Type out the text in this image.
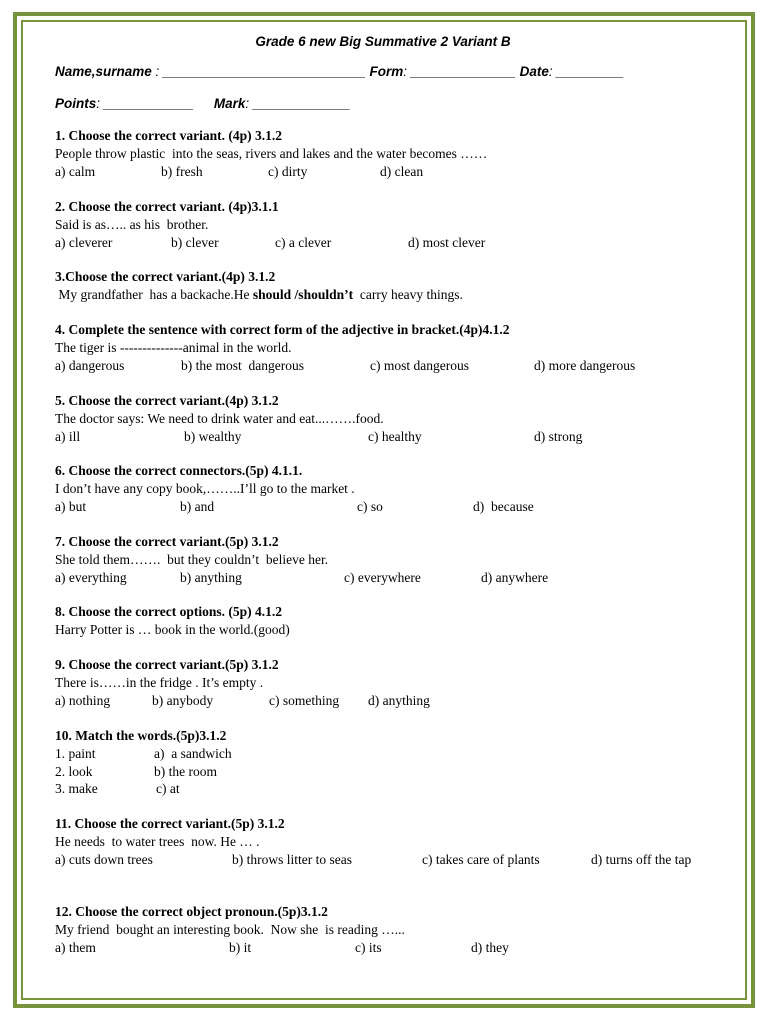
Grade 6 new Big Summative 2 Variant B
Name,surname : ___________________________ Form: ______________ Date: _________
Points: ____________ Mark: _____________
1. Choose the correct variant. (4p) 3.1.2
People throw plastic  into the seas, rivers and lakes and the water becomes ……
a) calm	b) fresh	c) dirty	d) clean
2. Choose the correct variant. (4p)3.1.1
Said is as….. as his  brother.
a) cleverer	b) clever	c) a clever	d) most clever
3.Choose the correct variant.(4p) 3.1.2
My grandfather  has a backache.He should /shouldn’t  carry heavy things.
4. Complete the sentence with correct form of the adjective in bracket.(4p)4.1.2
The tiger is --------------animal in the world.
a) dangerous	b) the most  dangerous	c) most dangerous	d) more dangerous
5. Choose the correct variant.(4p) 3.1.2
The doctor says: We need to drink water and eat...…….food.
a) ill	b) wealthy	c) healthy	d) strong
6. Choose the correct connectors.(5p) 4.1.1.
I don’t have any copy book,……..I’ll go to the market .
a) but	b) and	c) so	d)  because
7. Choose the correct variant.(5p) 3.1.2
She told them…….  but they couldn’t  believe her.
a) everything	b) anything	c) everywhere	d) anywhere
8. Choose the correct options. (5p) 4.1.2
Harry Potter is … book in the world.(good)
9. Choose the correct variant.(5p) 3.1.2
There is……in the fridge . It’s empty .
a) nothing	b) anybody	c) something d) anything
10. Match the words.(5p)3.1.2
1. paint	a)  a sandwich
2. look	b) the room
3. make	c) at
11. Choose the correct variant.(5p) 3.1.2
He needs  to water trees  now. He … .
a) cuts down trees	b) throws litter to seas	c) takes care of plants	d) turns off the tap
12. Choose the correct object pronoun.(5p)3.1.2
My friend  bought an interesting book.  Now she  is reading …...
a) them	b) it	c) its	d) they
